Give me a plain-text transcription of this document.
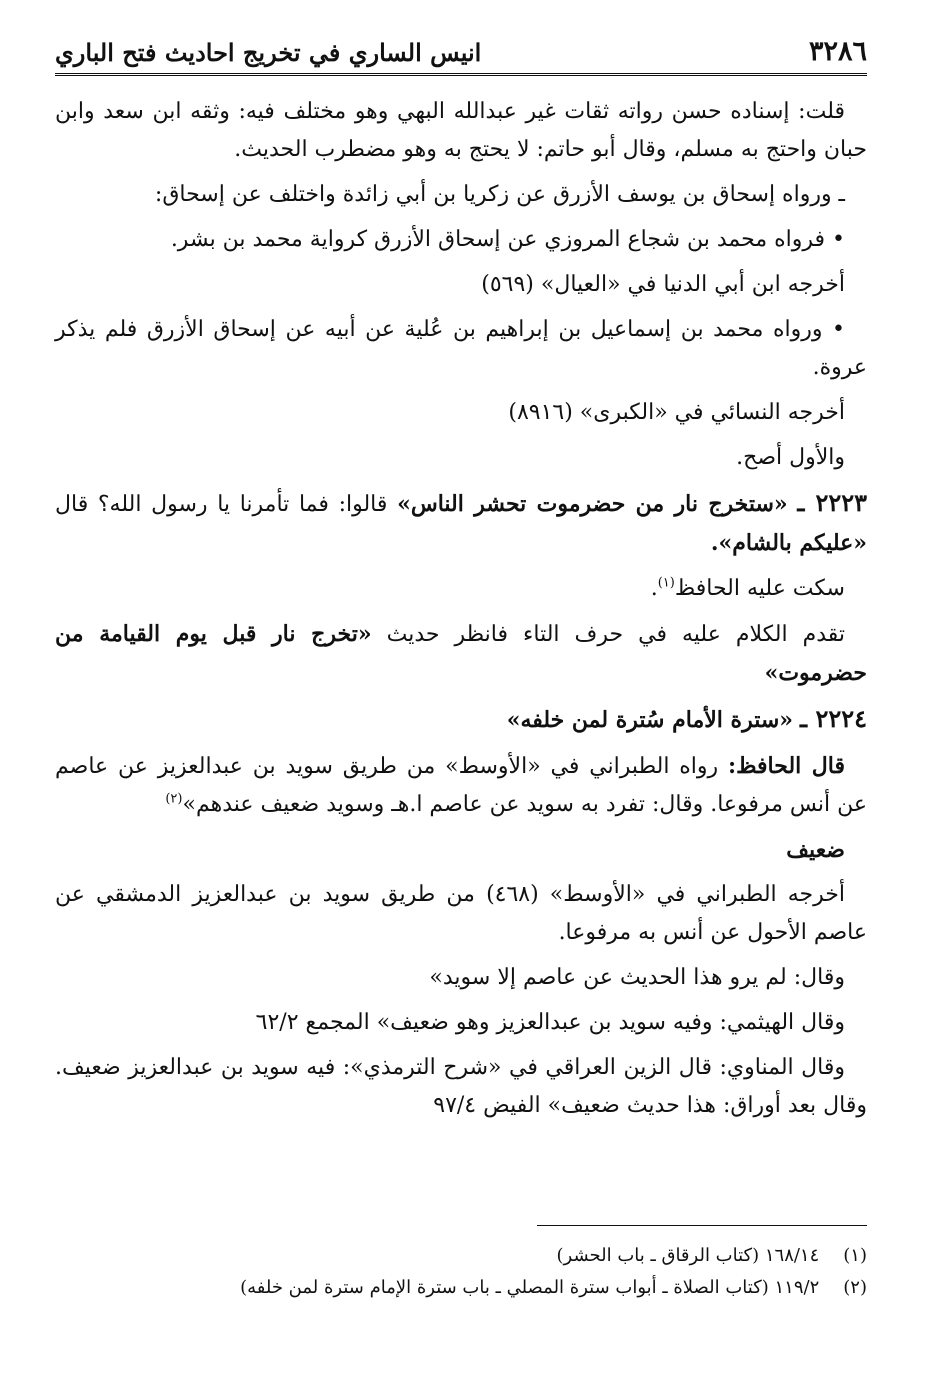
٣٢٨٦
انيس الساري في تخريج احاديث فتح الباري

قلت: إسناده حسن رواته ثقات غير عبدالله البهي وهو مختلف فيه: وثقه ابن سعد وابن حبان واحتج به مسلم، وقال أبو حاتم: لا يحتج به وهو مضطرب الحديث.

ـ ورواه إسحاق بن يوسف الأزرق عن زكريا بن أبي زائدة واختلف عن إسحاق:

• فرواه محمد بن شجاع المروزي عن إسحاق الأزرق كرواية محمد بن بشر.

أخرجه ابن أبي الدنيا في «العيال» (٥٦٩)

• ورواه محمد بن إسماعيل بن إبراهيم بن عُلية عن أبيه عن إسحاق الأزرق فلم يذكر عروة.

أخرجه النسائي في «الكبرى» (٨٩١٦)

والأول أصح.

٢٢٢٣ ـ «ستخرج نار من حضرموت تحشر الناس» قالوا: فما تأمرنا يا رسول الله؟ قال «عليكم بالشام».

سكت عليه الحافظ$^{(١)}$.

تقدم الكلام عليه في حرف التاء فانظر حديث «تخرج نار قبل يوم القيامة من حضرموت»

٢٢٢٤ ـ «سترة الأمام سُترة لمن خلفه»

قال الحافظ: رواه الطبراني في «الأوسط» من طريق سويد بن عبدالعزيز عن عاصم عن أنس مرفوعا. وقال: تفرد به سويد عن عاصم ا.هـ وسويد ضعيف عندهم»$^{(٢)}$

ضعيف

أخرجه الطبراني في «الأوسط» (٤٦٨) من طريق سويد بن عبدالعزيز الدمشقي عن عاصم الأحول عن أنس به مرفوعا.

وقال: لم يرو هذا الحديث عن عاصم إلا سويد»

وقال الهيثمي: وفيه سويد بن عبدالعزيز وهو ضعيف» المجمع ٦٢/٢

وقال المناوي: قال الزين العراقي في «شرح الترمذي»: فيه سويد بن عبدالعزيز ضعيف. وقال بعد أوراق: هذا حديث ضعيف» الفيض ٩٧/٤

(١)
١٦٨/١٤ (كتاب الرقاق ـ باب الحشر)
(٢)
١١٩/٢ (كتاب الصلاة ـ أبواب سترة المصلي ـ باب سترة الإمام سترة لمن خلفه)
